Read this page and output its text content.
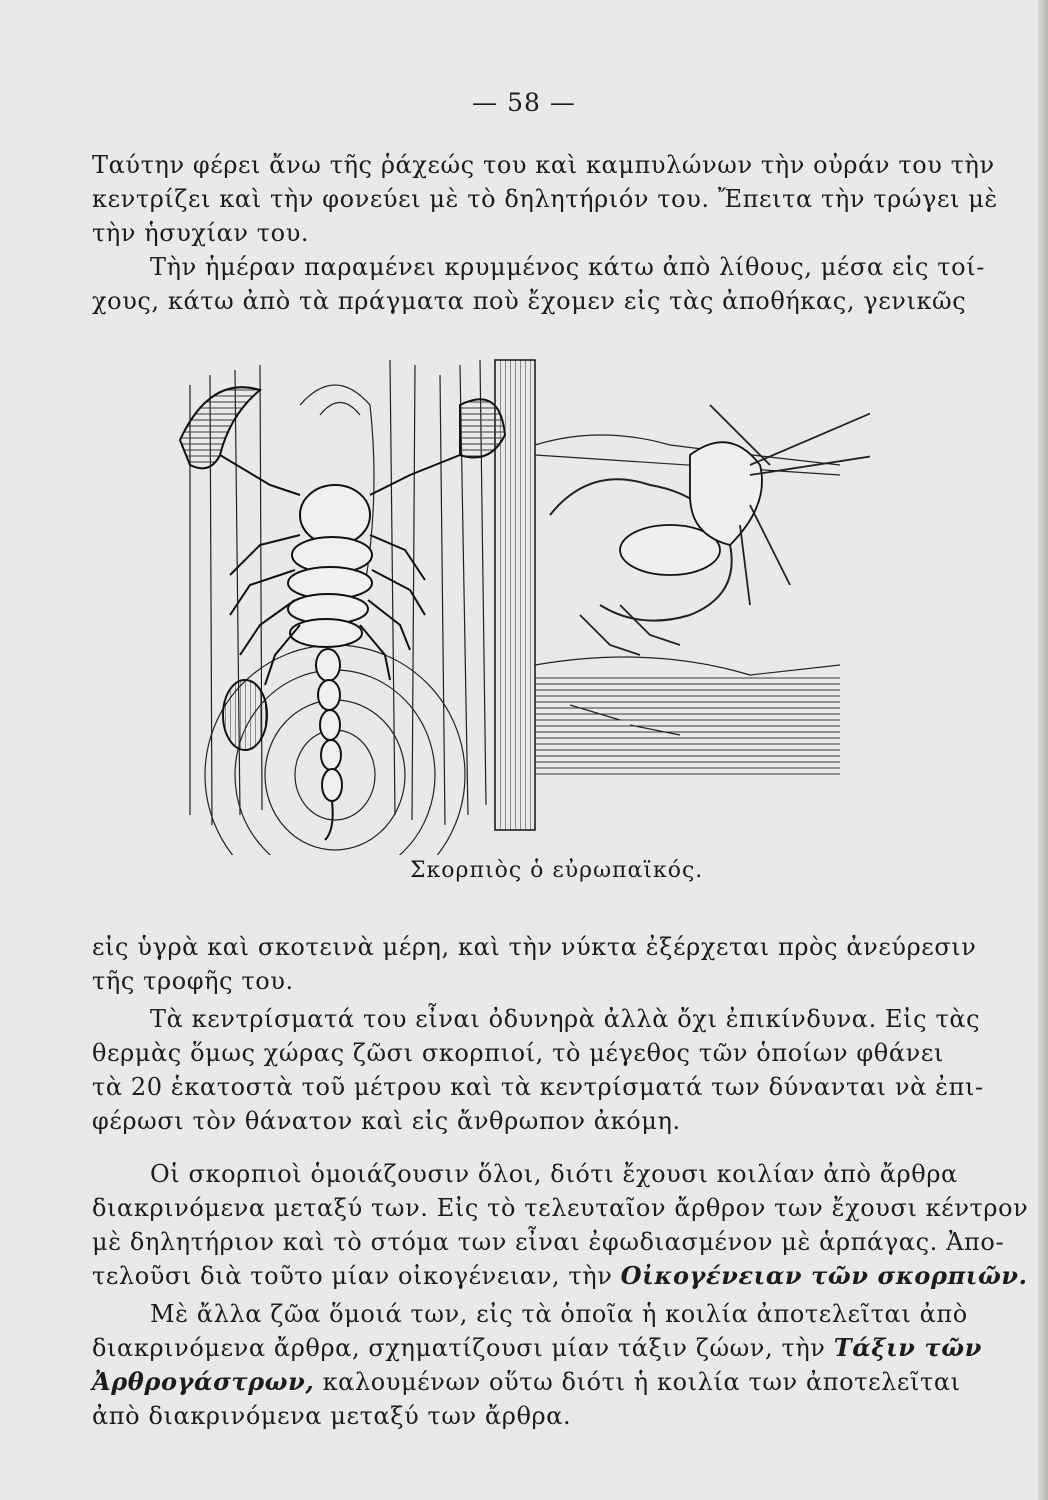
— 58 —
Ταύτην φέρει ἄνω τῆς ῥάχεώς του καὶ καμπυλώνων τὴν οὐράν του τὴν
κεντρίζει καὶ τὴν φονεύει μὲ τὸ δηλητήριόν του. Ἔπειτα τὴν τρώγει μὲ
τὴν ἡσυχίαν του.
Τὴν ἡμέραν παραμένει κρυμμένος κάτω ἀπὸ λίθους, μέσα εἰς τοί-
χους, κάτω ἀπὸ τὰ πράγματα ποὺ ἔχομεν εἰς τὰς ἀποθήκας, γενικῶς
Σκορπιὸς ὁ εὐρωπαϊκός.
εἰς ὑγρὰ καὶ σκοτεινὰ μέρη, καὶ τὴν νύκτα ἐξέρχεται πρὸς ἀνεύρεσιν
τῆς τροφῆς του.
Τὰ κεντρίσματά του εἶναι ὀδυνηρὰ ἀλλὰ ὄχι ἐπικίνδυνα. Εἰς τὰς
θερμὰς ὅμως χώρας ζῶσι σκορπιοί, τὸ μέγεθος τῶν ὁποίων φθάνει
τὰ 20 ἑκατοστὰ τοῦ μέτρου καὶ τὰ κεντρίσματά των δύνανται νὰ ἐπι-
φέρωσι τὸν θάνατον καὶ εἰς ἄνθρωπον ἀκόμη.
Οἱ σκορπιοὶ ὁμοιάζουσιν ὅλοι, διότι ἔχουσι κοιλίαν ἀπὸ ἄρθρα
διακρινόμενα μεταξύ των. Εἰς τὸ τελευταῖον ἄρθρον των ἔχουσι κέντρον
μὲ δηλητήριον καὶ τὸ στόμα των εἶναι ἐφωδιασμένον μὲ ἁρπάγας. Ἀπο-
τελοῦσι διὰ τοῦτο μίαν οἰκογένειαν, τὴν Οἰκογένειαν τῶν σκορπιῶν.
Μὲ ἄλλα ζῶα ὅμοιά των, εἰς τὰ ὁποῖα ἡ κοιλία ἀποτελεῖται ἀπὸ
διακρινόμενα ἄρθρα, σχηματίζουσι μίαν τάξιν ζώων, τὴν Τάξιν τῶν
Ἀρθρογάστρων, καλουμένων οὕτω διότι ἡ κοιλία των ἀποτελεῖται
ἀπὸ διακρινόμενα μεταξύ των ἄρθρα.
